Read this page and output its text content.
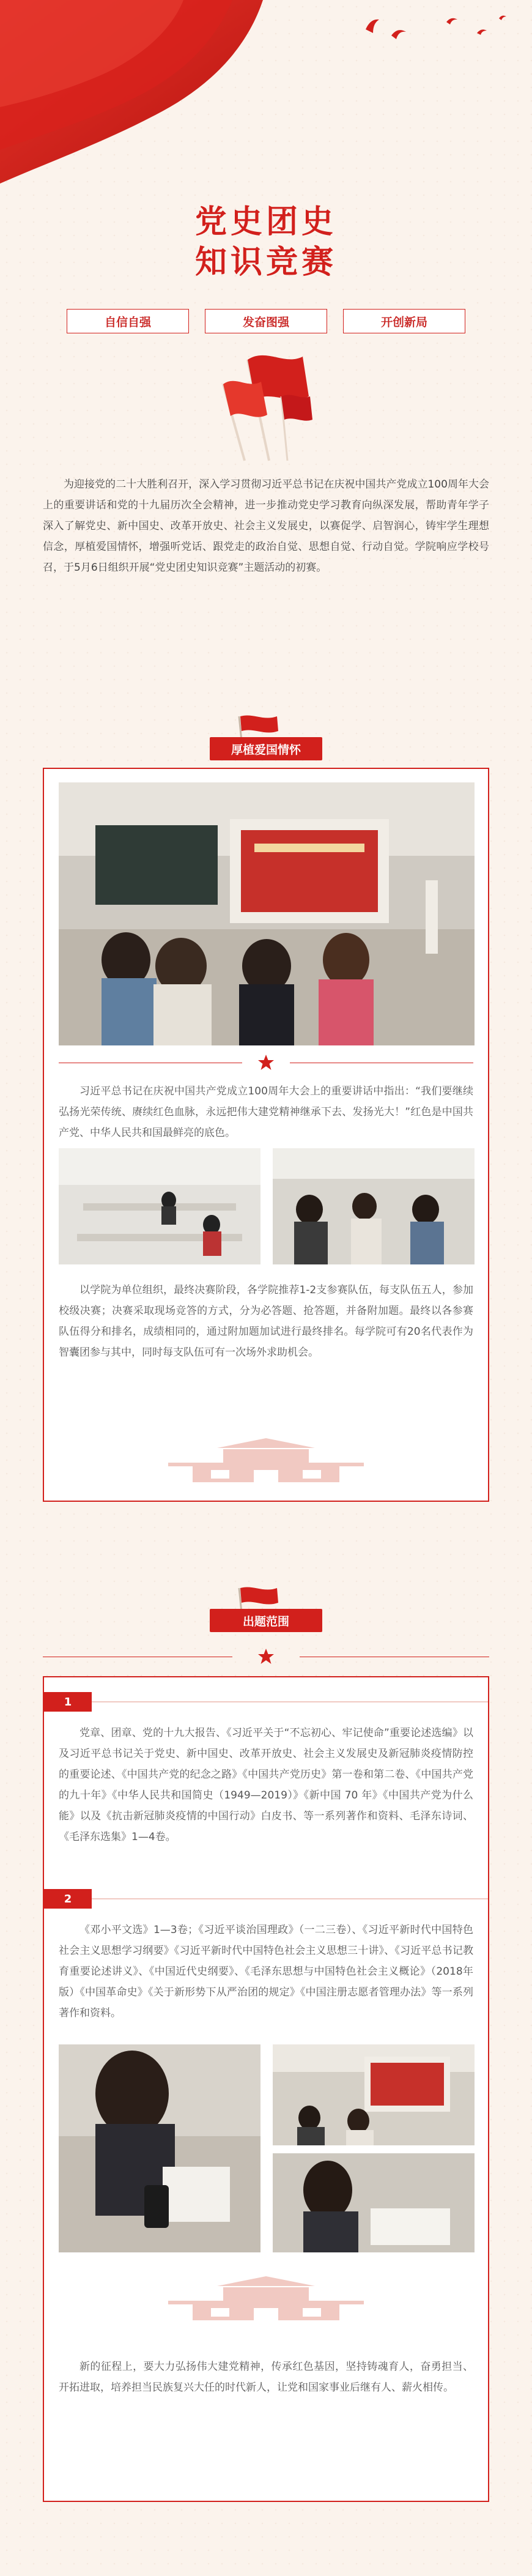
党史团史
知识竞赛
自信自强	发奋图强	开创新局
为迎接党的二十大胜利召开，深入学习贯彻习近平总书记在庆祝中国共产党成立100周年大会上的重要讲话和党的十九届历次全会精神，进一步推动党史学习教育向纵深发展，帮助青年学子深入了解党史、新中国史、改革开放史、社会主义发展史，以赛促学、启智润心，铸牢学生理想信念，厚植爱国情怀，增强听党话、跟党走的政治自觉、思想自觉、行动自觉。学院响应学校号召，于5月6日组织开展“党史团史知识竞赛”主题活动的初赛。
厚植爱国情怀
习近平总书记在庆祝中国共产党成立100周年大会上的重要讲话中指出：“我们要继续弘扬光荣传统、赓续红色血脉，永远把伟大建党精神继承下去、发扬光大！”红色是中国共产党、中华人民共和国最鲜亮的底色。
以学院为单位组织，最终决赛阶段，各学院推荐1-2支参赛队伍，每支队伍五人，参加校级决赛；决赛采取现场竞答的方式，分为必答题、抢答题，并备附加题。最终以各参赛队伍得分和排名，成绩相同的，通过附加题加试进行最终排名。每学院可有20名代表作为智囊团参与其中，同时每支队伍可有一次场外求助机会。
出题范围
1
党章、团章、党的十九大报告、《习近平关于“不忘初心、牢记使命”重要论述选编》以及习近平总书记关于党史、新中国史、改革开放史、社会主义发展史及新冠肺炎疫情防控的重要论述、《中国共产党的纪念之路》《中国共产党历史》第一卷和第二卷、《中国共产党的九十年》《中华人民共和国简史（1949—2019）》《新中国 70 年》《中国共产党为什么能》以及《抗击新冠肺炎疫情的中国行动》白皮书、等一系列著作和资料、毛泽东诗词、《毛泽东选集》1—4卷。
2
《邓小平文选》1—3卷；《习近平谈治国理政》（一二三卷）、《习近平新时代中国特色社会主义思想学习纲要》《习近平新时代中国特色社会主义思想三十讲》、《习近平总书记教育重要论述讲义》、《中国近代史纲要》、《毛泽东思想与中国特色社会主义概论》（2018年版）《中国革命史》《关于新形势下从严治团的规定》《中国注册志愿者管理办法》等一系列著作和资料。
新的征程上，要大力弘扬伟大建党精神，传承红色基因，坚持铸魂育人，奋勇担当、开拓进取，培养担当民族复兴大任的时代新人，让党和国家事业后继有人、薪火相传。
